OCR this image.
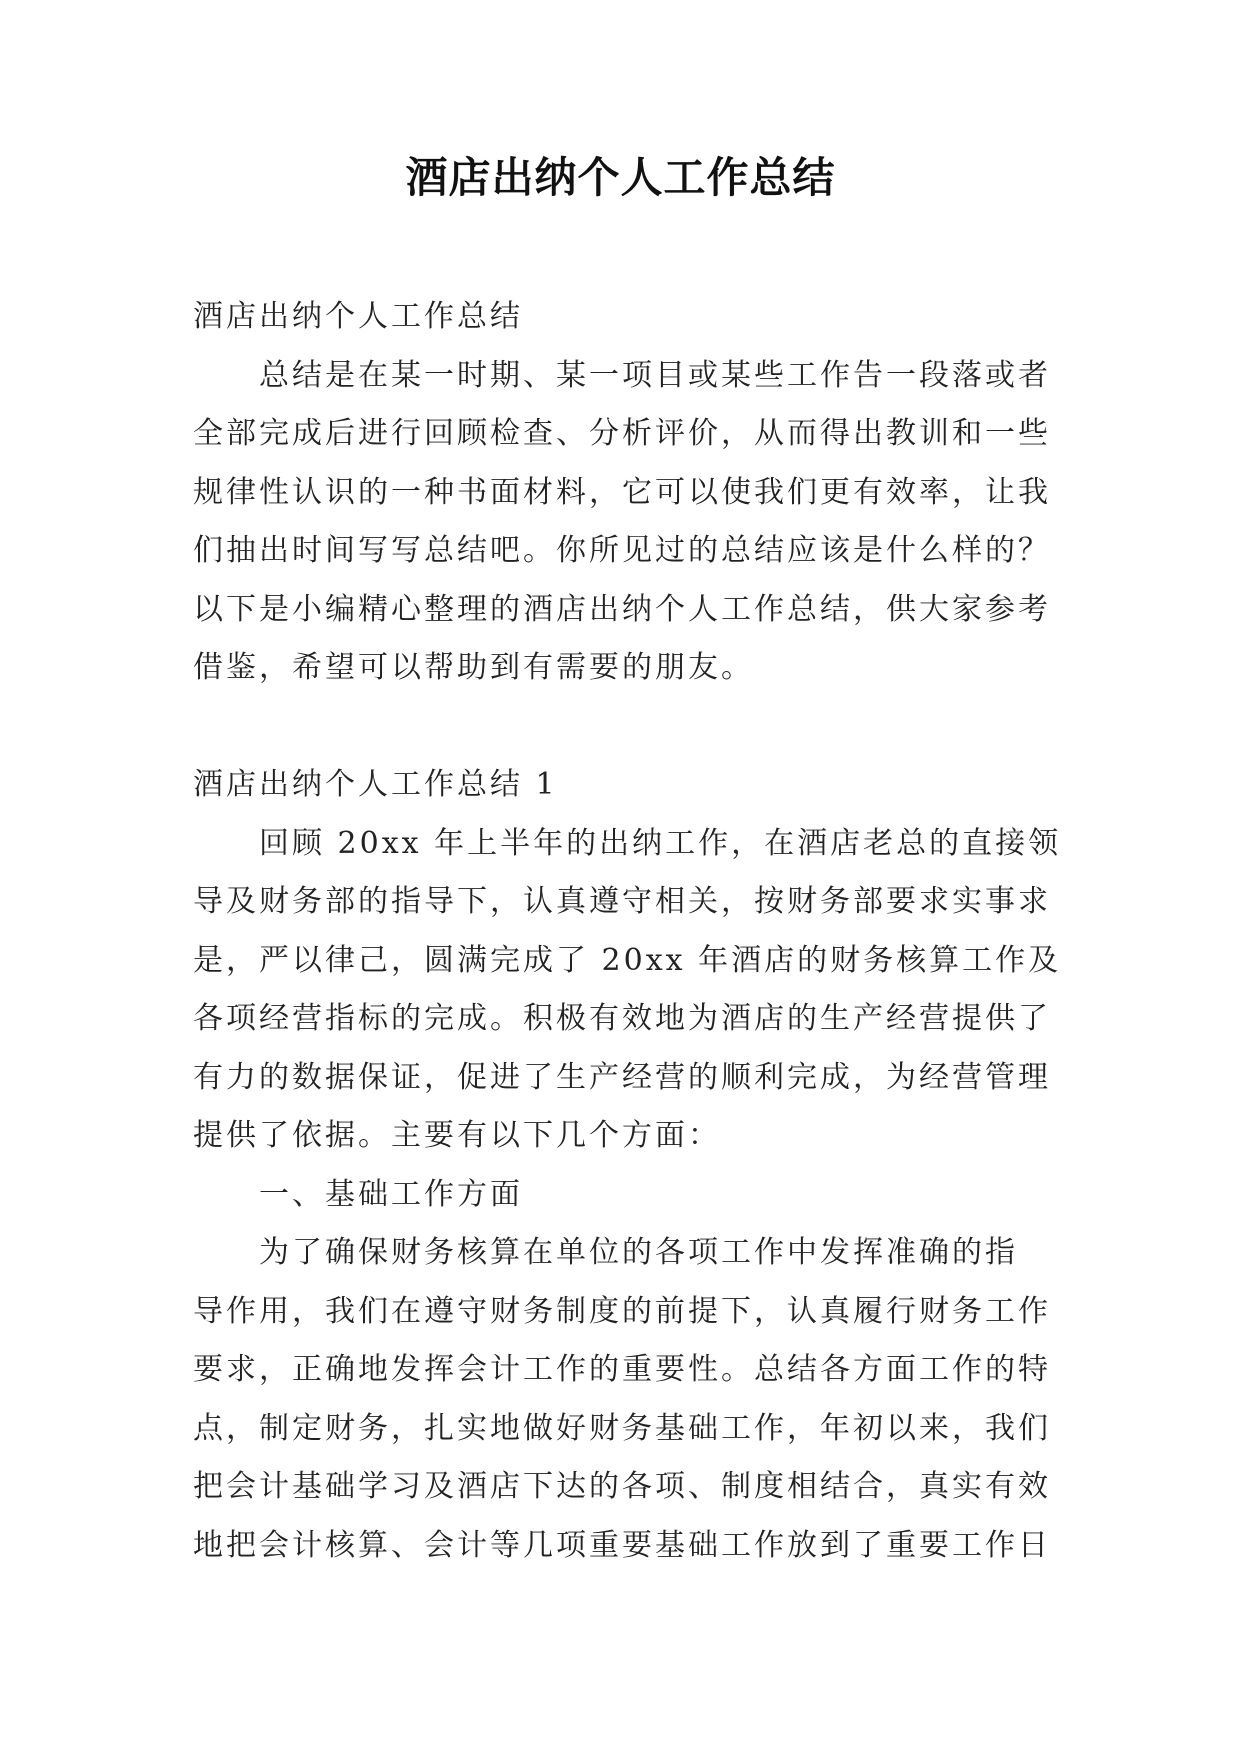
酒店出纳个人工作总结
酒店出纳个人工作总结
总结是在某一时期、某一项目或某些工作告一段落或者
全部完成后进行回顾检查、分析评价，从而得出教训和一些
规律性认识的一种书面材料，它可以使我们更有效率，让我
们抽出时间写写总结吧。你所见过的总结应该是什么样的？
以下是小编精心整理的酒店出纳个人工作总结，供大家参考
借鉴，希望可以帮助到有需要的朋友。
酒店出纳个人工作总结 1
回顾 20xx 年上半年的出纳工作，在酒店老总的直接领
导及财务部的指导下，认真遵守相关，按财务部要求实事求
是，严以律己，圆满完成了 20xx 年酒店的财务核算工作及
各项经营指标的完成。积极有效地为酒店的生产经营提供了
有力的数据保证，促进了生产经营的顺利完成，为经营管理
提供了依据。主要有以下几个方面：
一、基础工作方面
为了确保财务核算在单位的各项工作中发挥准确的指
导作用，我们在遵守财务制度的前提下，认真履行财务工作
要求，正确地发挥会计工作的重要性。总结各方面工作的特
点，制定财务，扎实地做好财务基础工作，年初以来，我们
把会计基础学习及酒店下达的各项、制度相结合，真实有效
地把会计核算、会计等几项重要基础工作放到了重要工作日
